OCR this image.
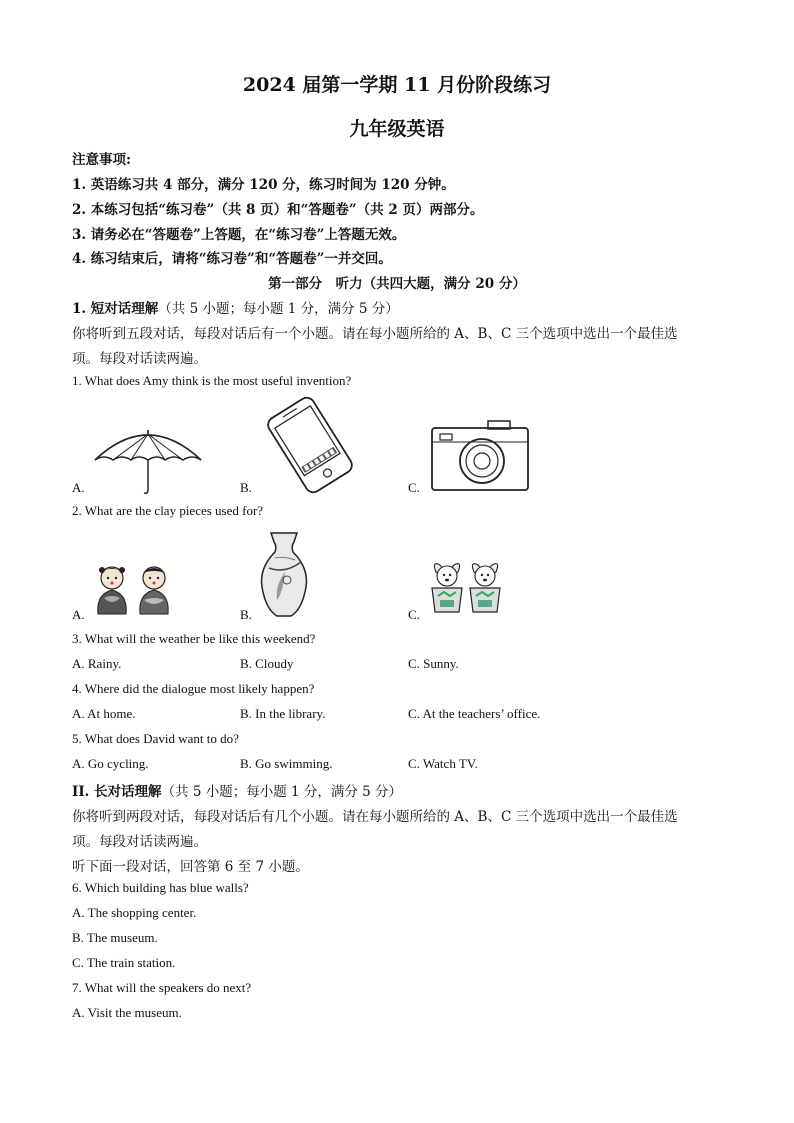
2024 届第一学期 11 月份阶段练习
九年级英语
注意事项:
1. 英语练习共 4 部分，满分 120 分，练习时间为 120 分钟。
2. 本练习包括“练习卷”（共 8 页）和“答题卷”（共 2 页）两部分。
3. 请务必在“答题卷”上答题，在“练习卷”上答题无效。
4. 练习结束后，请将“练习卷”和“答题卷”一并交回。
第一部分　听力（共四大题，满分 20 分）
1. 短对话理解（共 5 小题；每小题 1 分，满分 5 分）
你将听到五段对话，每段对话后有一个小题。请在每小题所给的 A、B、C 三个选项中选出一个最佳选
项。每段对话读两遍。
1. What does Amy think is the most useful invention?
A.	B.	C.
2. What are the clay pieces used for?
A.	B.	C.
3. What will the weather be like this weekend?
A. Rainy.	B. Cloudy	C. Sunny.
4. Where did the dialogue most likely happen?
A. At home.	B. In the library.	C. At the teachers’ office.
5. What does David want to do?
A. Go cycling.	B. Go swimming.	C. Watch TV.
II. 长对话理解（共 5 小题；每小题 1 分，满分 5 分）
你将听到两段对话，每段对话后有几个小题。请在每小题所给的 A、B、C 三个选项中选出一个最佳选
项。每段对话读两遍。
听下面一段对话，回答第 6 至 7 小题。
6. Which building has blue walls?
A. The shopping center.
B. The museum.
C. The train station.
7. What will the speakers do next?
A. Visit the museum.
